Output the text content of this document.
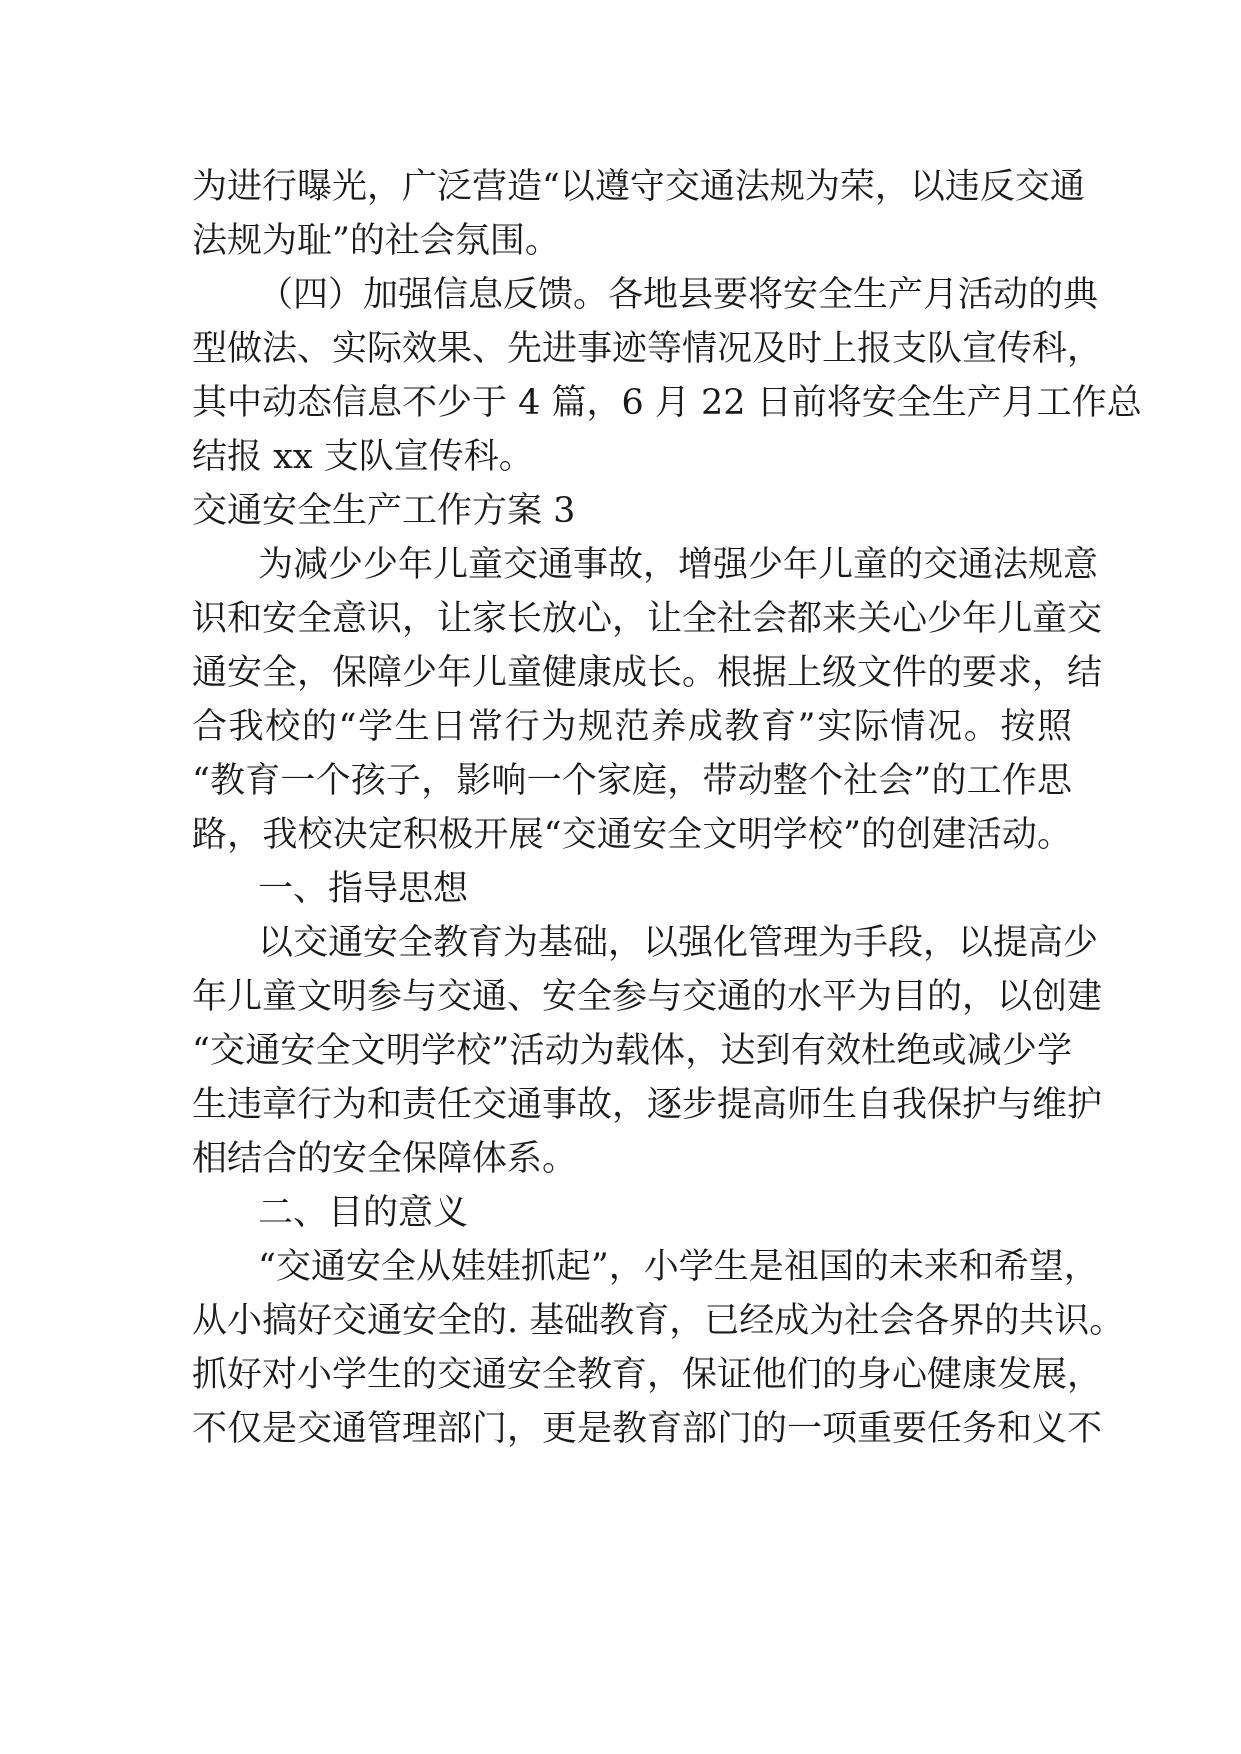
为进行曝光，广泛营造“以遵守交通法规为荣，以违反交通
法规为耻”的社会氛围。
（四）加强信息反馈。各地县要将安全生产月活动的典
型做法、实际效果、先进事迹等情况及时上报支队宣传科，
其中动态信息不少于 4 篇，6 月 22 日前将安全生产月工作总
结报 xx 支队宣传科。
交通安全生产工作方案 3
为减少少年儿童交通事故，增强少年儿童的交通法规意
识和安全意识，让家长放心，让全社会都来关心少年儿童交
通安全，保障少年儿童健康成长。根据上级文件的要求，结
合我校的“学生日常行为规范养成教育”实际情况。按照
“教育一个孩子，影响一个家庭，带动整个社会”的工作思
路，我校决定积极开展“交通安全文明学校”的创建活动。
一、指导思想
以交通安全教育为基础，以强化管理为手段，以提高少
年儿童文明参与交通、安全参与交通的水平为目的，以创建
“交通安全文明学校”活动为载体，达到有效杜绝或减少学
生违章行为和责任交通事故，逐步提高师生自我保护与维护
相结合的安全保障体系。
二、目的意义
“交通安全从娃娃抓起”，小学生是祖国的未来和希望，
从小搞好交通安全的. 基础教育，已经成为社会各界的共识。
抓好对小学生的交通安全教育，保证他们的身心健康发展，
不仅是交通管理部门，更是教育部门的一项重要任务和义不
